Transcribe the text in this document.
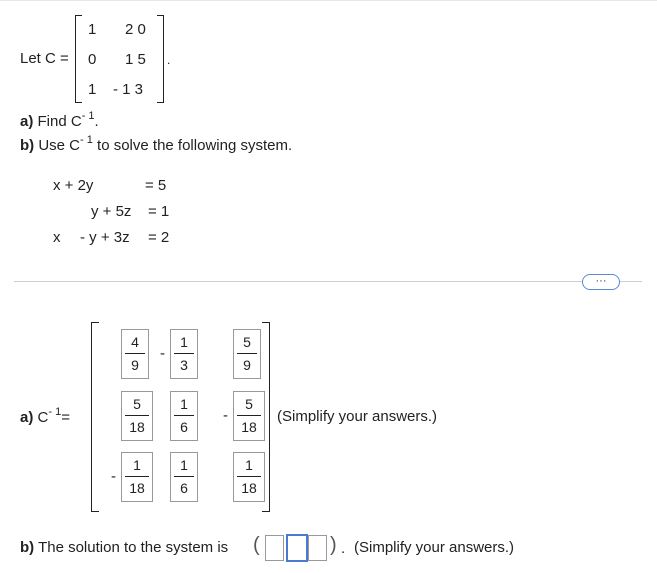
Let C =
1 2 0
0 1 5
1 - 1 3
.
a) Find $C^{- 1}$.
b) Use $C^{- 1}$ to solve the following system.
x + 2y	= 5
y + 5z = 1
x - y + 3z = 2
···
a) $C^{- 1}=$
4
9
-
1
3
5
9
5
18
1
6
-
5
18
-
1
18
1
6
1
18
(Simplify your answers.)
b) The solution to the system is (	) . (Simplify your answers.)
